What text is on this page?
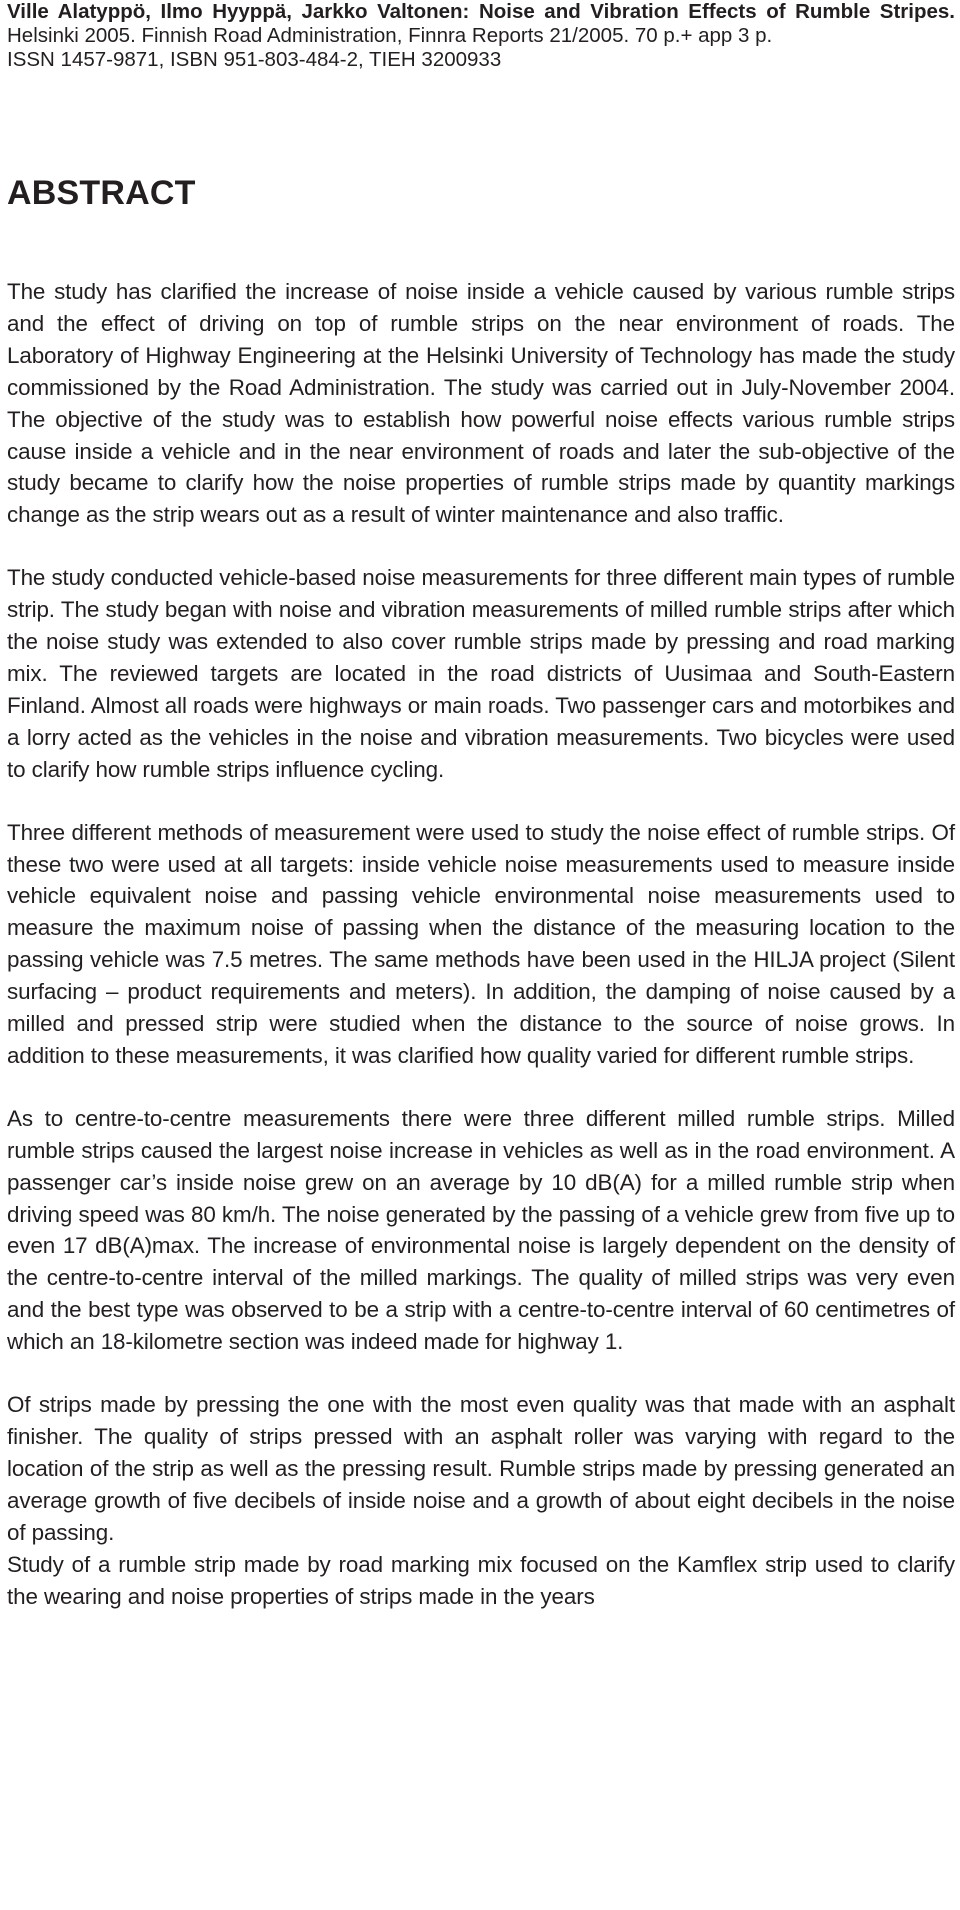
Ville Alatyppö, Ilmo Hyyppä, Jarkko Valtonen: Noise and Vibration Effects of Rumble Stripes. Helsinki 2005. Finnish Road Administration, Finnra Reports 21/2005. 70 p.+ app 3 p.
ISSN 1457-9871, ISBN 951-803-484-2, TIEH 3200933

ABSTRACT

The study has clarified the increase of noise inside a vehicle caused by various rumble strips and the effect of driving on top of rumble strips on the near environment of roads. The Laboratory of Highway Engineering at the Helsinki University of Technology has made the study commissioned by the Road Administration. The study was carried out in July-November 2004. The objective of the study was to establish how powerful noise effects various rumble strips cause inside a vehicle and in the near environment of roads and later the sub-objective of the study became to clarify how the noise properties of rumble strips made by quantity markings change as the strip wears out as a result of winter maintenance and also traffic.

The study conducted vehicle-based noise measurements for three different main types of rumble strip. The study began with noise and vibration measurements of milled rumble strips after which the noise study was extended to also cover rumble strips made by pressing and road marking mix. The reviewed targets are located in the road districts of Uusimaa and South-Eastern Finland. Almost all roads were highways or main roads. Two passenger cars and motorbikes and a lorry acted as the vehicles in the noise and vibration measurements. Two bicycles were used to clarify how rumble strips influence cycling.

Three different methods of measurement were used to study the noise effect of rumble strips. Of these two were used at all targets: inside vehicle noise measurements used to measure inside vehicle equivalent noise and passing vehicle environmental noise measurements used to measure the maximum noise of passing when the distance of the measuring location to the passing vehicle was 7.5 metres. The same methods have been used in the HILJA project (Silent surfacing – product requirements and meters). In addition, the damping of noise caused by a milled and pressed strip were studied when the distance to the source of noise grows. In addition to these measurements, it was clarified how quality varied for different rumble strips.

As to centre-to-centre measurements there were three different milled rumble strips. Milled rumble strips caused the largest noise increase in vehicles as well as in the road environment. A passenger car’s inside noise grew on an average by 10 dB(A) for a milled rumble strip when driving speed was 80 km/h. The noise generated by the passing of a vehicle grew from five up to even 17 dB(A)max. The increase of environmental noise is largely dependent on the density of the centre-to-centre interval of the milled markings. The quality of milled strips was very even and the best type was observed to be a strip with a centre-to-centre interval of 60 centimetres of which an 18-kilometre section was indeed made for highway 1.

Of strips made by pressing the one with the most even quality was that made with an asphalt finisher. The quality of strips pressed with an asphalt roller was varying with regard to the location of the strip as well as the pressing result. Rumble strips made by pressing generated an average growth of five decibels of inside noise and a growth of about eight decibels in the noise of passing.

Study of a rumble strip made by road marking mix focused on the Kamflex strip used to clarify the wearing and noise properties of strips made in the years
